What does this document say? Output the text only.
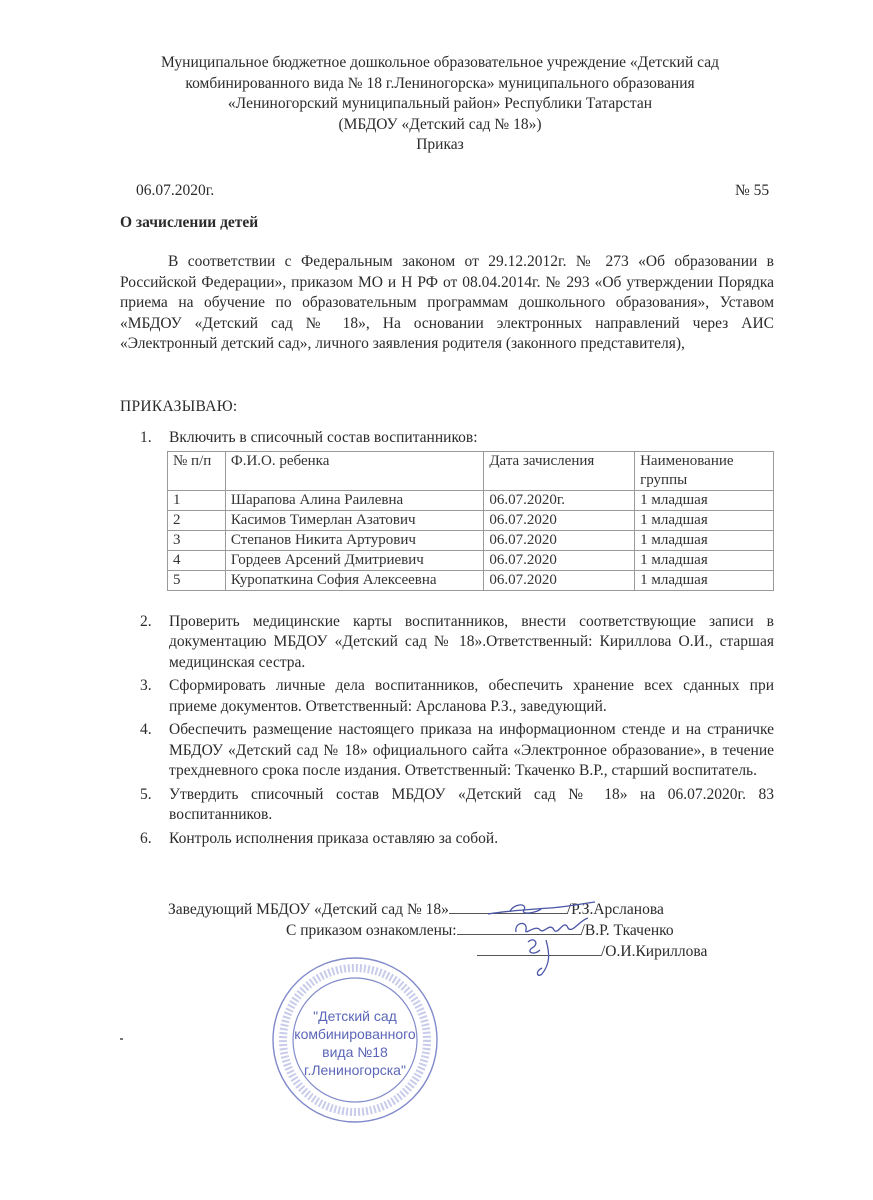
Муниципальное бюджетное дошкольное образовательное учреждение «Детский сад
комбинированного вида № 18 г.Лениногорска» муниципального образования
«Лениногорский муниципальный район» Республики Татарстан
(МБДОУ «Детский сад № 18»)
Приказ
06.07.2020г.	№ 55
О зачислении детей

В соответствии с Федеральным законом от 29.12.2012г. № 273 «Об образовании в Российской Федерации», приказом МО и Н РФ от 08.04.2014г. № 293 «Об утверждении Порядка приема на обучение по образовательным программам дошкольного образования», Уставом «МБДОУ «Детский сад № 18», На основании электронных направлений через АИС «Электронный детский сад», личного заявления родителя (законного представителя),

ПРИКАЗЫВАЮ:
1. Включить в списочный состав воспитанников:
№ п/п	Ф.И.О. ребенка	Дата зачисления	Наименование группы
1	Шарапова Алина Раилевна	06.07.2020г.	1 младшая
2	Касимов Тимерлан Азатович	06.07.2020	1 младшая
3	Степанов Никита Артурович	06.07.2020	1 младшая
4	Гордеев Арсений Дмитриевич	06.07.2020	1 младшая
5	Куропаткина София Алексеевна	06.07.2020	1 младшая
2. Проверить медицинские карты воспитанников, внести соответствующие записи в документацию МБДОУ «Детский сад № 18».Ответственный: Кириллова О.И., старшая медицинская сестра.
3. Сформировать личные дела воспитанников, обеспечить хранение всех сданных при приеме документов. Ответственный: Арсланова Р.З., заведующий.
4. Обеспечить размещение настоящего приказа на информационном стенде и на страничке МБДОУ «Детский сад № 18» официального сайта «Электронное образование», в течение трехдневного срока после издания. Ответственный: Ткаченко В.Р., старший воспитатель.
5. Утвердить списочный состав МБДОУ «Детский сад № 18» на 06.07.2020г. 83 воспитанников.
6. Контроль исполнения приказа оставляю за собой.
Заведующий МБДОУ «Детский сад № 18»	/Р.З.Арсланова
С приказом ознакомлены:	/В.Р. Ткаченко
/О.И.Кириллова
"Детский сад
комбинированного
вида №18
г.Лениногорска"
